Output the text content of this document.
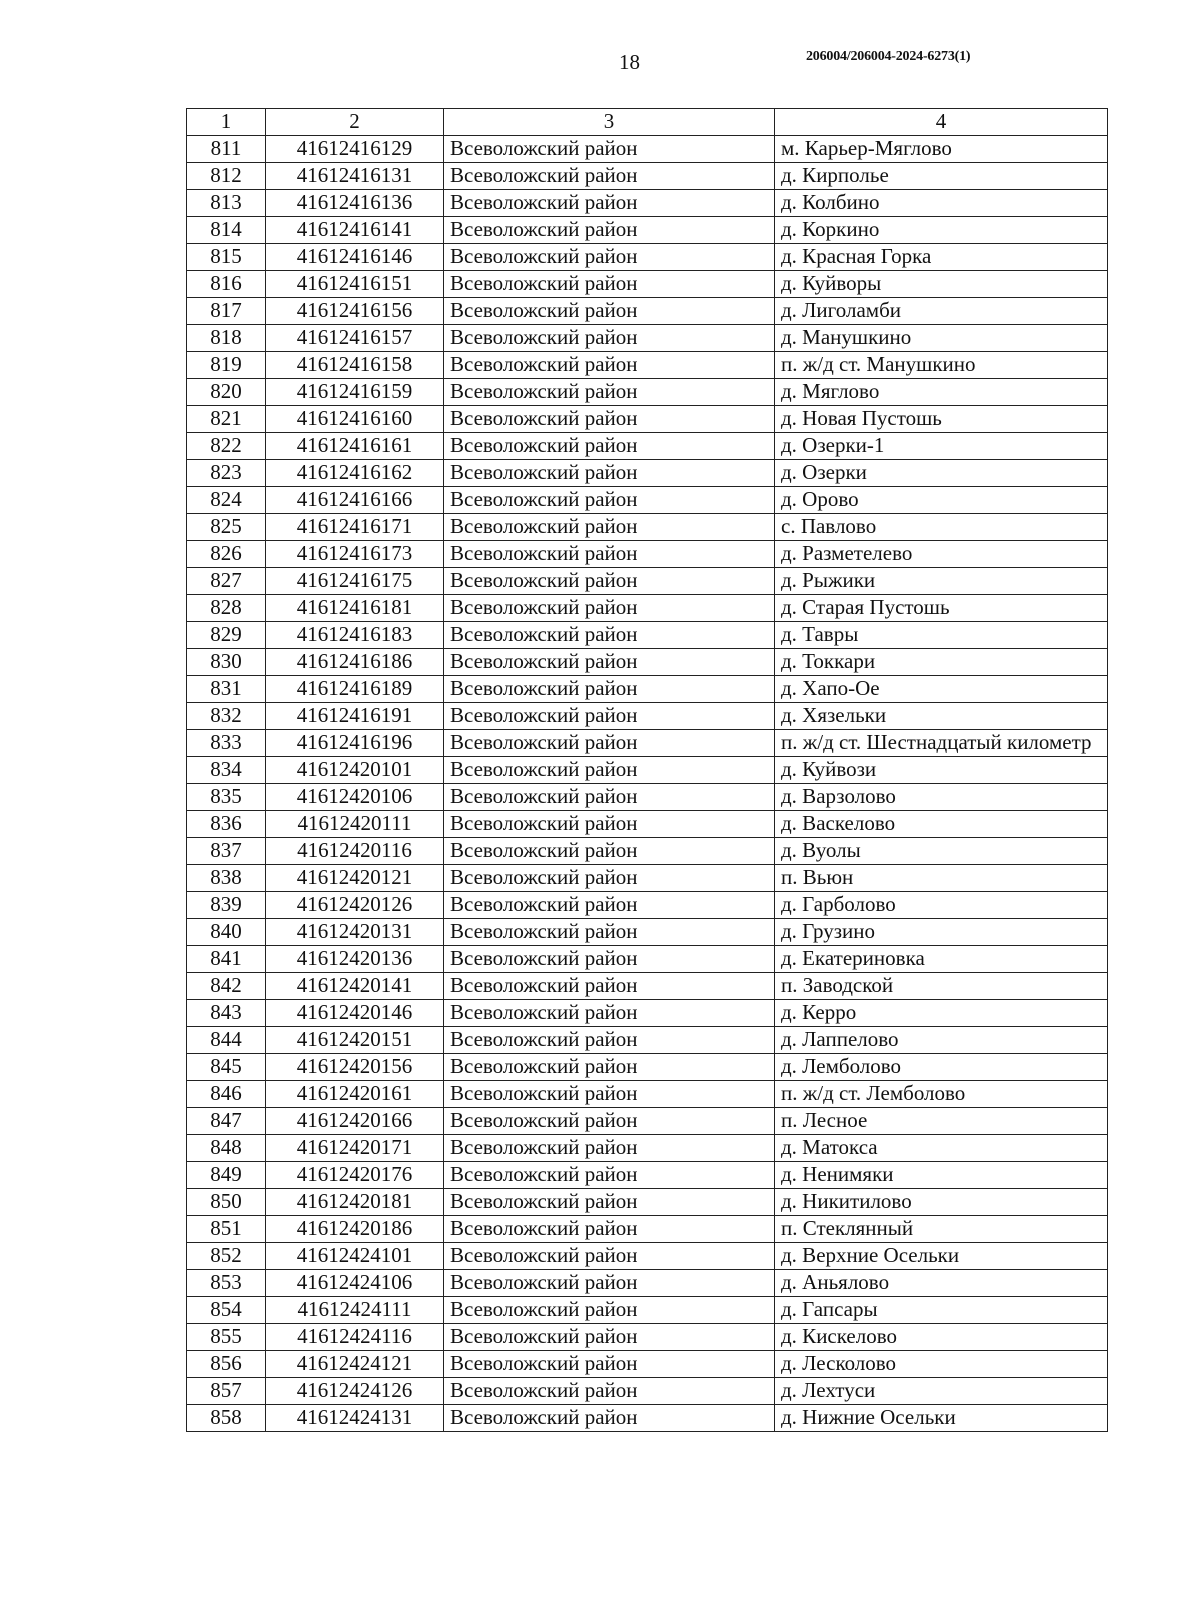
18	206004/206004-2024-6273(1)
1	2	3	4
811	41612416129	Всеволожский район	м. Карьер-Мяглово
812	41612416131	Всеволожский район	д. Кирполье
813	41612416136	Всеволожский район	д. Колбино
814	41612416141	Всеволожский район	д. Коркино
815	41612416146	Всеволожский район	д. Красная Горка
816	41612416151	Всеволожский район	д. Куйворы
817	41612416156	Всеволожский район	д. Лиголамби
818	41612416157	Всеволожский район	д. Манушкино
819	41612416158	Всеволожский район	п. ж/д ст. Манушкино
820	41612416159	Всеволожский район	д. Мяглово
821	41612416160	Всеволожский район	д. Новая Пустошь
822	41612416161	Всеволожский район	д. Озерки-1
823	41612416162	Всеволожский район	д. Озерки
824	41612416166	Всеволожский район	д. Орово
825	41612416171	Всеволожский район	с. Павлово
826	41612416173	Всеволожский район	д. Разметелево
827	41612416175	Всеволожский район	д. Рыжики
828	41612416181	Всеволожский район	д. Старая Пустошь
829	41612416183	Всеволожский район	д. Тавры
830	41612416186	Всеволожский район	д. Токкари
831	41612416189	Всеволожский район	д. Хапо-Ое
832	41612416191	Всеволожский район	д. Хязельки
833	41612416196	Всеволожский район	п. ж/д ст. Шестнадцатый километр
834	41612420101	Всеволожский район	д. Куйвози
835	41612420106	Всеволожский район	д. Варзолово
836	41612420111	Всеволожский район	д. Васкелово
837	41612420116	Всеволожский район	д. Вуолы
838	41612420121	Всеволожский район	п. Вьюн
839	41612420126	Всеволожский район	д. Гарболово
840	41612420131	Всеволожский район	д. Грузино
841	41612420136	Всеволожский район	д. Екатериновка
842	41612420141	Всеволожский район	п. Заводской
843	41612420146	Всеволожский район	д. Керро
844	41612420151	Всеволожский район	д. Лаппелово
845	41612420156	Всеволожский район	д. Лемболово
846	41612420161	Всеволожский район	п. ж/д ст. Лемболово
847	41612420166	Всеволожский район	п. Лесное
848	41612420171	Всеволожский район	д. Матокса
849	41612420176	Всеволожский район	д. Ненимяки
850	41612420181	Всеволожский район	д. Никитилово
851	41612420186	Всеволожский район	п. Стеклянный
852	41612424101	Всеволожский район	д. Верхние Осельки
853	41612424106	Всеволожский район	д. Аньялово
854	41612424111	Всеволожский район	д. Гапсары
855	41612424116	Всеволожский район	д. Кискелово
856	41612424121	Всеволожский район	д. Лесколово
857	41612424126	Всеволожский район	д. Лехтуси
858	41612424131	Всеволожский район	д. Нижние Осельки
